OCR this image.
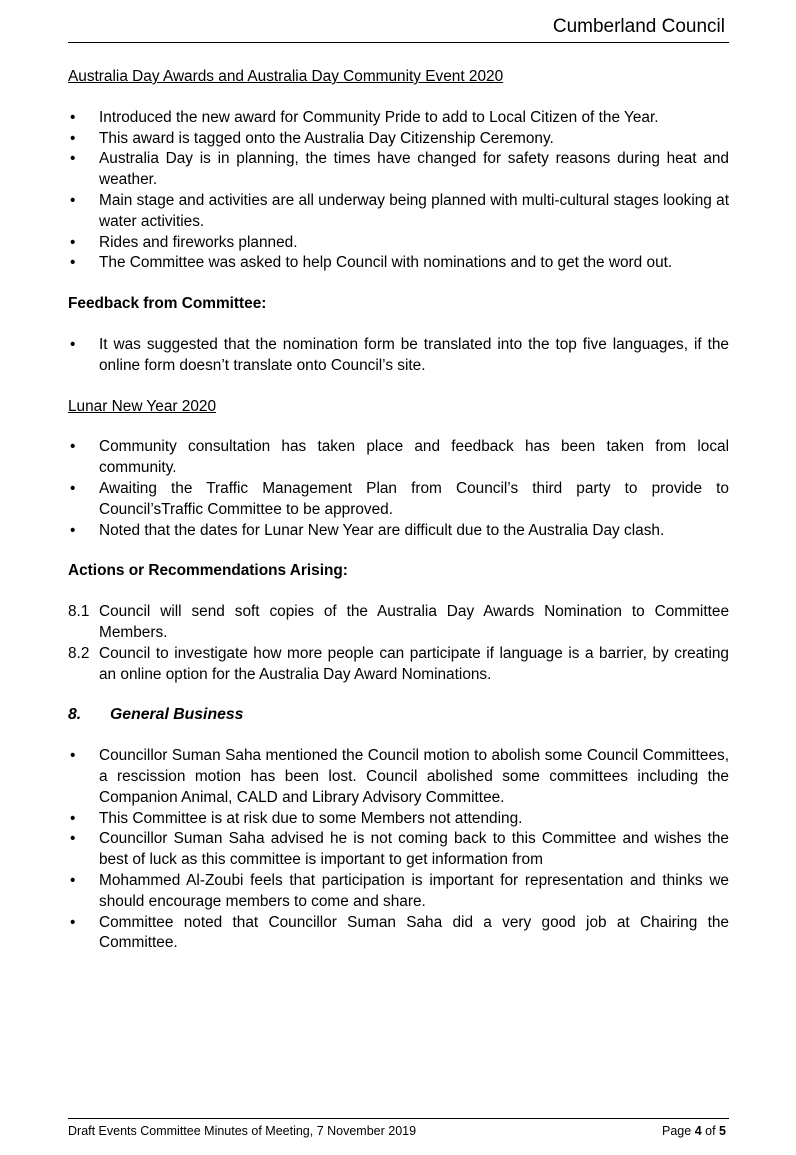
Cumberland Council

Australia Day Awards and Australia Day Community Event 2020

• Introduced the new award for Community Pride to add to Local Citizen of the Year.
• This award is tagged onto the Australia Day Citizenship Ceremony.
• Australia Day is in planning, the times have changed for safety reasons during heat and weather.
• Main stage and activities are all underway being planned with multi-cultural stages looking at water activities.
• Rides and fireworks planned.
• The Committee was asked to help Council with nominations and to get the word out.

Feedback from Committee:

• It was suggested that the nomination form be translated into the top five languages, if the online form doesn’t translate onto Council’s site.

Lunar New Year 2020

• Community consultation has taken place and feedback has been taken from local community.
• Awaiting the Traffic Management Plan from Council’s third party to provide to Council’sTraffic Committee to be approved.
• Noted that the dates for Lunar New Year are difficult due to the Australia Day clash.

Actions or Recommendations Arising:

8.1 Council will send soft copies of the Australia Day Awards Nomination to Committee Members.
8.2 Council to investigate how more people can participate if language is a barrier, by creating an online option for the Australia Day Award Nominations.

8. General Business

• Councillor Suman Saha mentioned the Council motion to abolish some Council Committees, a rescission motion has been lost. Council abolished some committees including the Companion Animal, CALD and Library Advisory Committee.
• This Committee is at risk due to some Members not attending.
• Councillor Suman Saha advised he is not coming back to this Committee and wishes the best of luck as this committee is important to get information from
• Mohammed Al-Zoubi feels that participation is important for representation and thinks we should encourage members to come and share.
• Committee noted that Councillor Suman Saha did a very good job at Chairing the Committee.
Draft Events Committee Minutes of Meeting, 7 November 2019	Page 4 of 5
